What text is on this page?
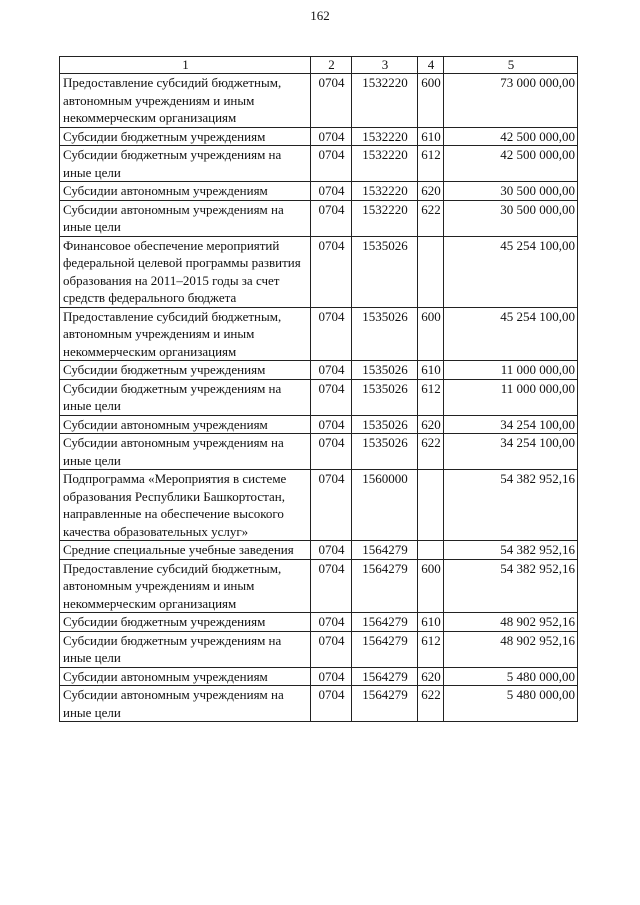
162
1	2	3	4	5
Предоставление субсидий бюджетным, автономным учреждениям и иным некоммерческим организациям	0704	1532220	600	73 000 000,00
Субсидии бюджетным учреждениям	0704	1532220	610	42 500 000,00
Субсидии бюджетным учреждениям на иные цели	0704	1532220	612	42 500 000,00
Субсидии автономным учреждениям	0704	1532220	620	30 500 000,00
Субсидии автономным учреждениям на иные цели	0704	1532220	622	30 500 000,00
Финансовое обеспечение мероприятий федеральной целевой программы развития образования на 2011–2015 годы за счет средств федерального бюджета	0704	1535026		45 254 100,00
Предоставление субсидий бюджетным, автономным учреждениям и иным некоммерческим организациям	0704	1535026	600	45 254 100,00
Субсидии бюджетным учреждениям	0704	1535026	610	11 000 000,00
Субсидии бюджетным учреждениям на иные цели	0704	1535026	612	11 000 000,00
Субсидии автономным учреждениям	0704	1535026	620	34 254 100,00
Субсидии автономным учреждениям на иные цели	0704	1535026	622	34 254 100,00
Подпрограмма «Мероприятия в системе образования Республики Башкортостан, направленные на обеспечение высокого качества образовательных услуг»	0704	1560000		54 382 952,16
Средние специальные учебные заведения	0704	1564279		54 382 952,16
Предоставление субсидий бюджетным, автономным учреждениям и иным некоммерческим организациям	0704	1564279	600	54 382 952,16
Субсидии бюджетным учреждениям	0704	1564279	610	48 902 952,16
Субсидии бюджетным учреждениям на иные цели	0704	1564279	612	48 902 952,16
Субсидии автономным учреждениям	0704	1564279	620	5 480 000,00
Субсидии автономным учреждениям на иные цели	0704	1564279	622	5 480 000,00
